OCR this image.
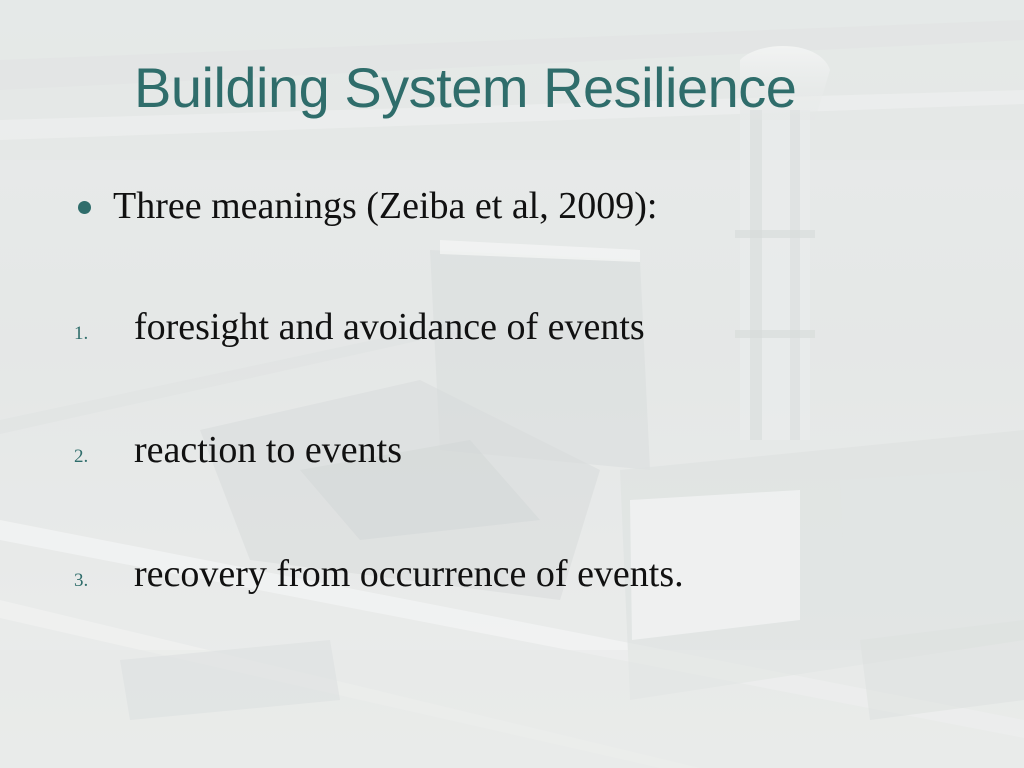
Building System Resilience
Three meanings (Zeiba et al, 2009):
1.	foresight and avoidance of events
2.	reaction to events
3.	recovery from occurrence of events.
